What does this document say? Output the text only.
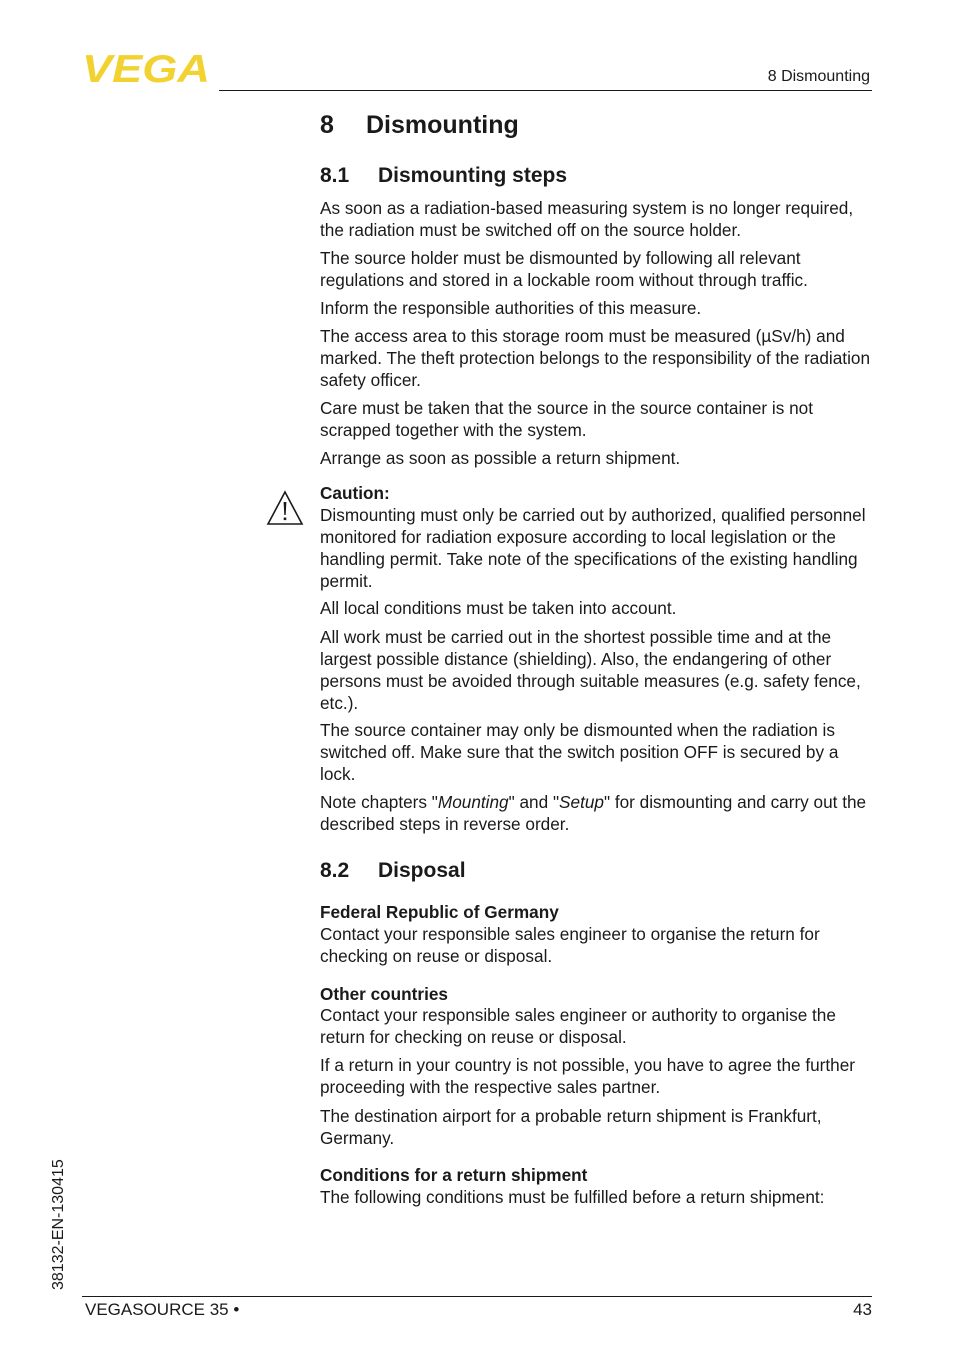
VEGA	8 Dismounting
8 Dismounting
8.1 Dismounting steps

As soon as a radiation-based measuring system is no longer required, the radiation must be switched off on the source holder.

The source holder must be dismounted by following all relevant regulations and stored in a lockable room without through traffic.

Inform the responsible authorities of this measure.

The access area to this storage room must be measured (µSv/h) and marked. The theft protection belongs to the responsibility of the radiation safety officer.

Care must be taken that the source in the source container is not scrapped together with the system.

Arrange as soon as possible a return shipment.

Caution:

Dismounting must only be carried out by authorized, qualified personnel monitored for radiation exposure according to local legislation or the handling permit. Take note of the specifications of the existing handling permit.

All local conditions must be taken into account.

All work must be carried out in the shortest possible time and at the largest possible distance (shielding). Also, the endangering of other persons must be avoided through suitable measures (e.g. safety fence, etc.).

The source container may only be dismounted when the radiation is switched off. Make sure that the switch position OFF is secured by a lock.

Note chapters "Mounting" and "Setup" for dismounting and carry out the described steps in reverse order.

8.2 Disposal
Federal Republic of Germany

Contact your responsible sales engineer to organise the return for checking on reuse or disposal.

Other countries

Contact your responsible sales engineer or authority to organise the return for checking on reuse or disposal.

If a return in your country is not possible, you have to agree the further proceeding with the respective sales partner.

The destination airport for a probable return shipment is Frankfurt, Germany.

Conditions for a return shipment

The following conditions must be fulfilled before a return shipment:

38132-EN-130415
VEGASOURCE 35 •	43
